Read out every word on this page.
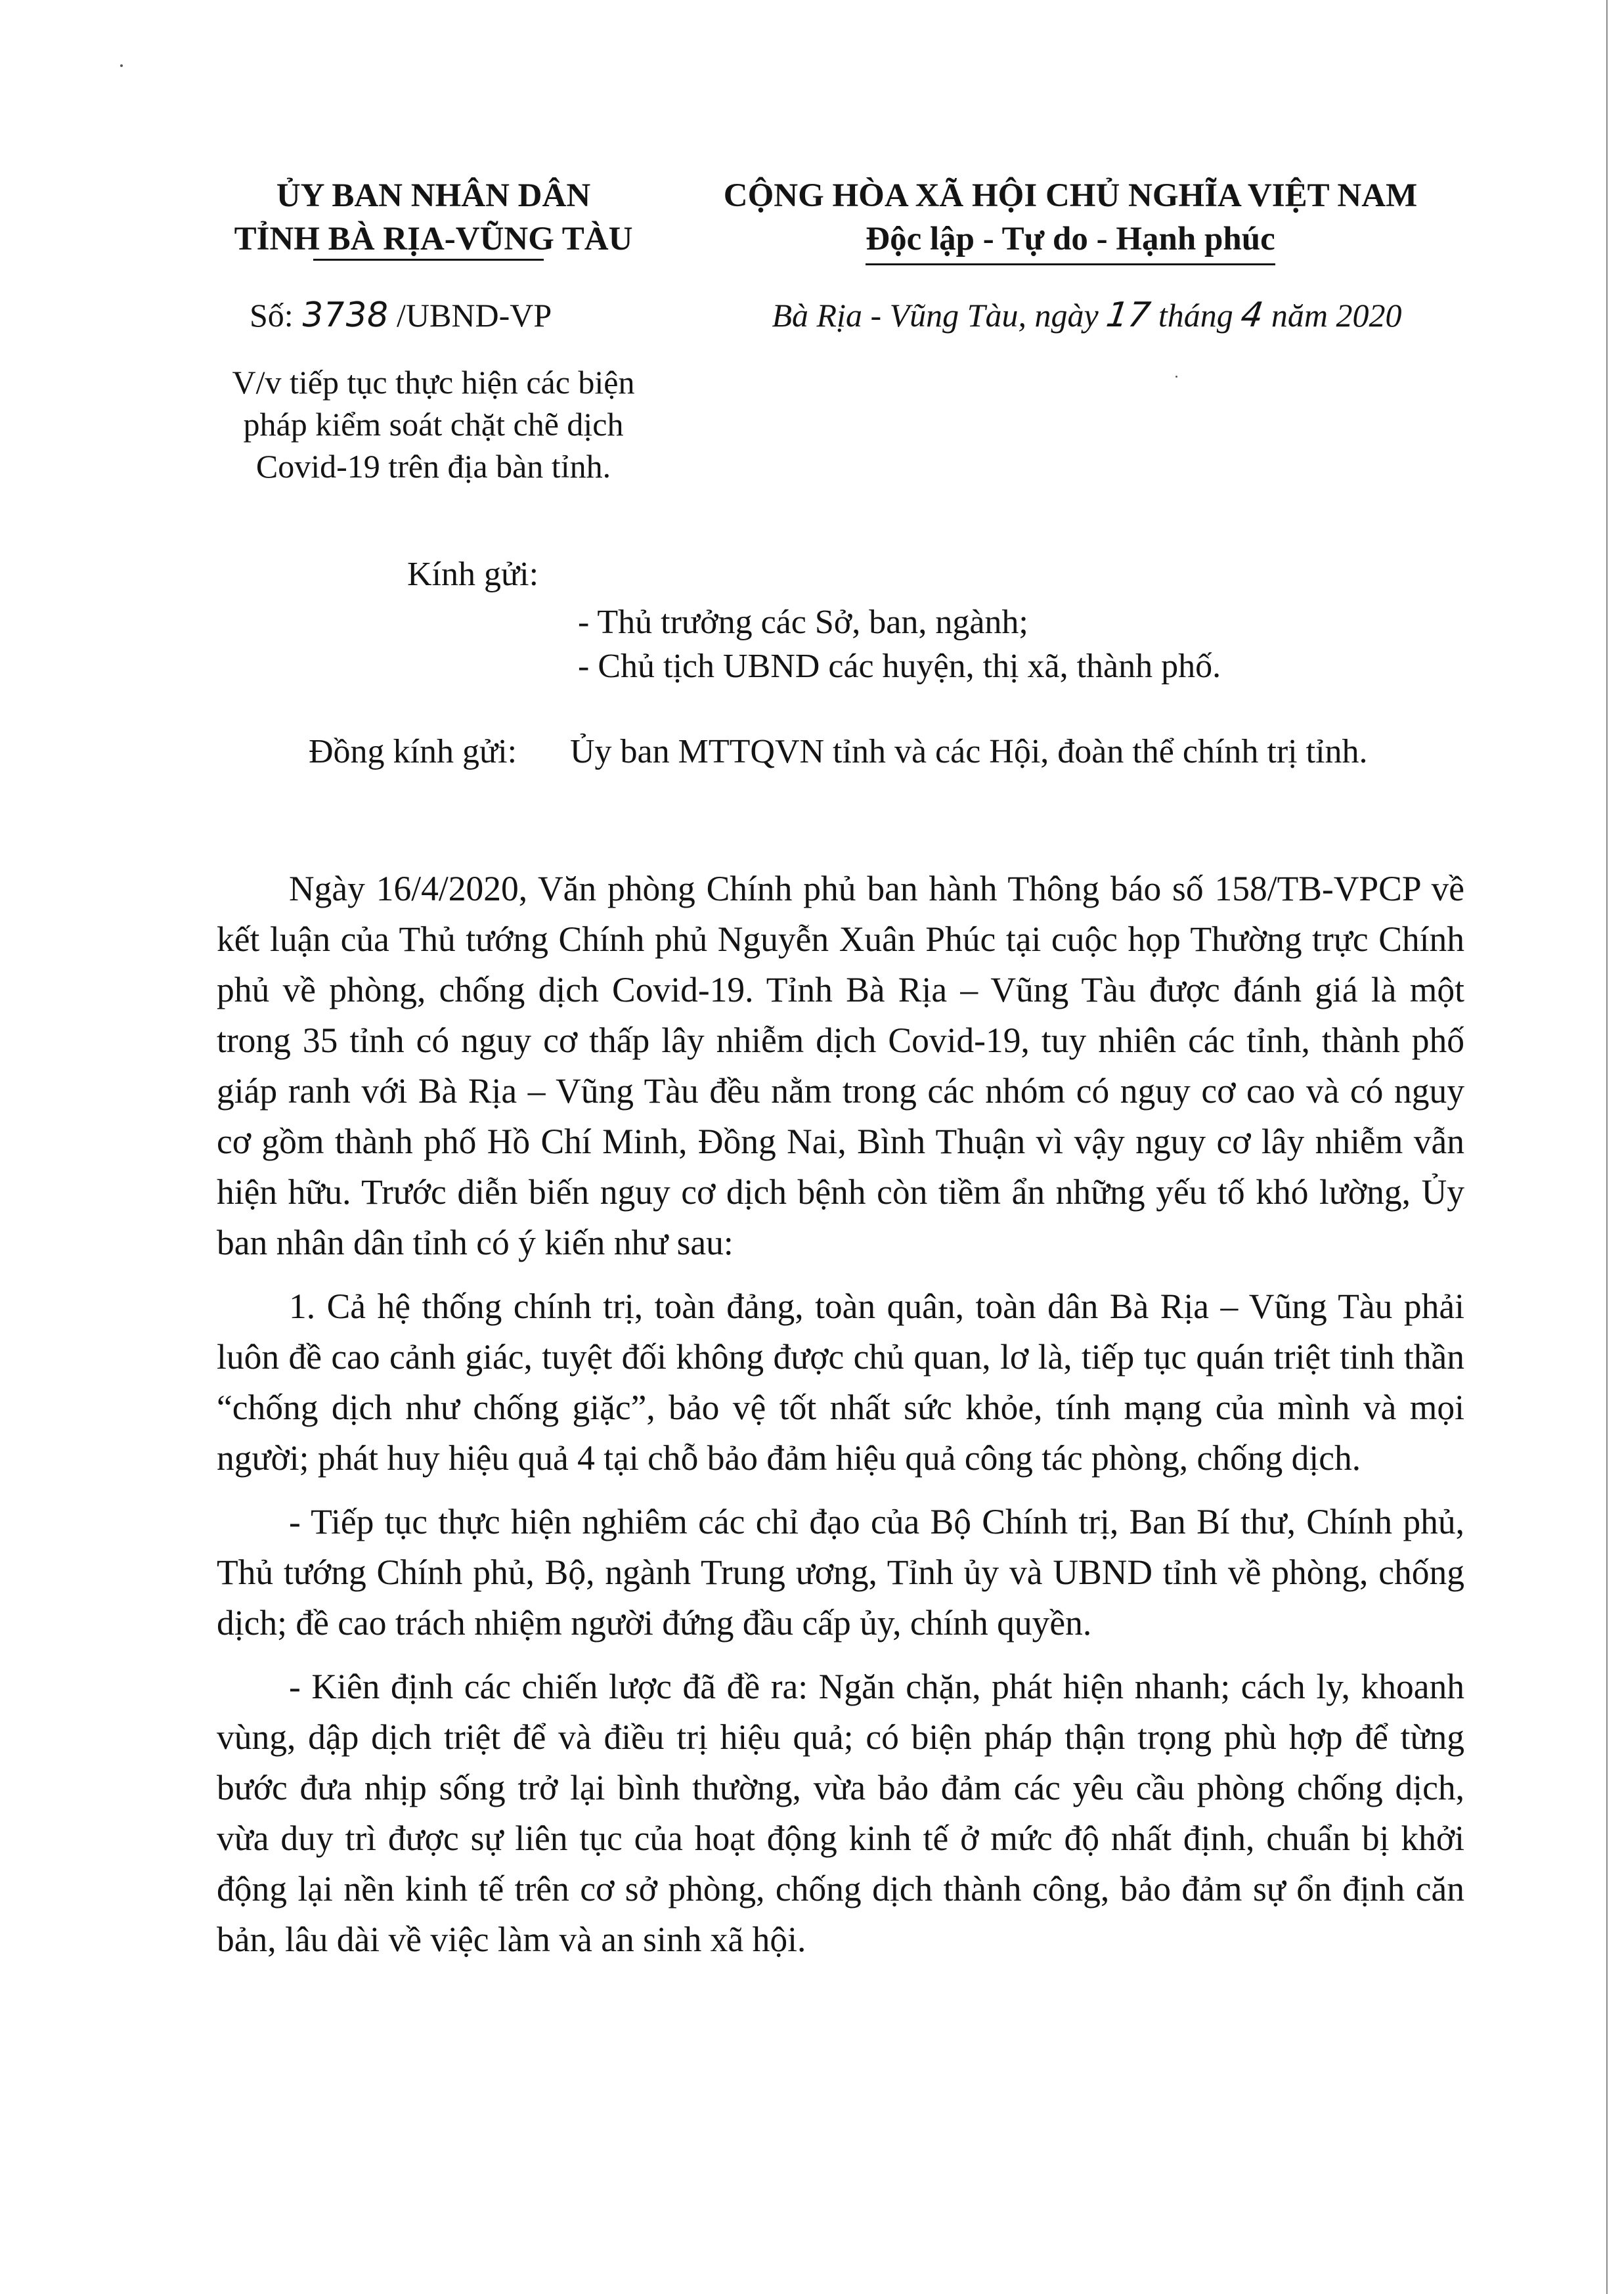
ỦY BAN NHÂN DÂN
TỈNH BÀ RỊA-VŨNG TÀU
CỘNG HÒA XÃ HỘI CHỦ NGHĨA VIỆT NAM
Độc lập - Tự do - Hạnh phúc
Số: 3738 /UBND-VP	Bà Rịa - Vũng Tàu, ngày 17 tháng 4 năm 2020
V/v tiếp tục thực hiện các biện
pháp kiểm soát chặt chẽ dịch
Covid-19 trên địa bàn tỉnh.
Kính gửi:
- Thủ trưởng các Sở, ban, ngành;
- Chủ tịch UBND các huyện, thị xã, thành phố.
Đồng kính gửi: Ủy ban MTTQVN tỉnh và các Hội, đoàn thể chính trị tỉnh.

Ngày 16/4/2020, Văn phòng Chính phủ ban hành Thông báo số 158/TB-VPCP về kết luận của Thủ tướng Chính phủ Nguyễn Xuân Phúc tại cuộc họp Thường trực Chính phủ về phòng, chống dịch Covid-19. Tỉnh Bà Rịa – Vũng Tàu được đánh giá là một trong 35 tỉnh có nguy cơ thấp lây nhiễm dịch Covid-19, tuy nhiên các tỉnh, thành phố giáp ranh với Bà Rịa – Vũng Tàu đều nằm trong các nhóm có nguy cơ cao và có nguy cơ gồm thành phố Hồ Chí Minh, Đồng Nai, Bình Thuận vì vậy nguy cơ lây nhiễm vẫn hiện hữu. Trước diễn biến nguy cơ dịch bệnh còn tiềm ẩn những yếu tố khó lường, Ủy ban nhân dân tỉnh có ý kiến như sau:

1. Cả hệ thống chính trị, toàn đảng, toàn quân, toàn dân Bà Rịa – Vũng Tàu phải luôn đề cao cảnh giác, tuyệt đối không được chủ quan, lơ là, tiếp tục quán triệt tinh thần “chống dịch như chống giặc”, bảo vệ tốt nhất sức khỏe, tính mạng của mình và mọi người; phát huy hiệu quả 4 tại chỗ bảo đảm hiệu quả công tác phòng, chống dịch.

- Tiếp tục thực hiện nghiêm các chỉ đạo của Bộ Chính trị, Ban Bí thư, Chính phủ, Thủ tướng Chính phủ, Bộ, ngành Trung ương, Tỉnh ủy và UBND tỉnh về phòng, chống dịch; đề cao trách nhiệm người đứng đầu cấp ủy, chính quyền.

- Kiên định các chiến lược đã đề ra: Ngăn chặn, phát hiện nhanh; cách ly, khoanh vùng, dập dịch triệt để và điều trị hiệu quả; có biện pháp thận trọng phù hợp để từng bước đưa nhịp sống trở lại bình thường, vừa bảo đảm các yêu cầu phòng chống dịch, vừa duy trì được sự liên tục của hoạt động kinh tế ở mức độ nhất định, chuẩn bị khởi động lại nền kinh tế trên cơ sở phòng, chống dịch thành công, bảo đảm sự ổn định căn bản, lâu dài về việc làm và an sinh xã hội.
